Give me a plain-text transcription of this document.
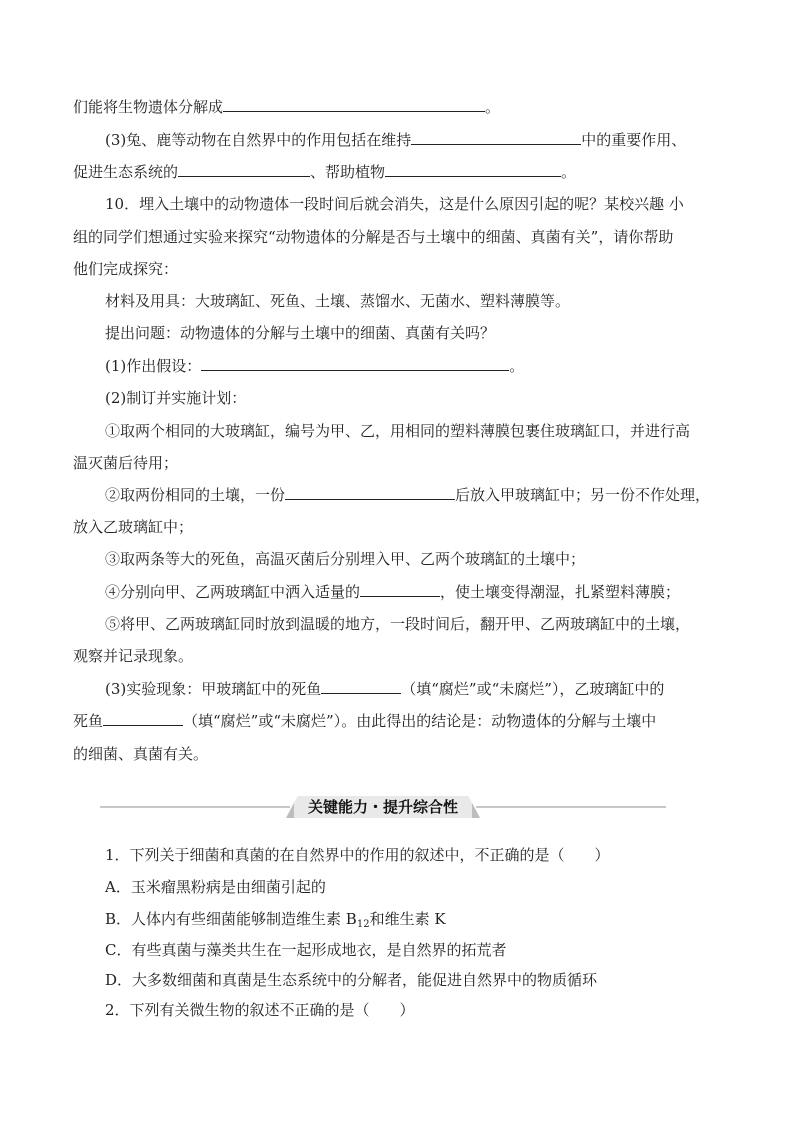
们能将生物遗体分解成	。
(3)兔、鹿等动物在自然界中的作用包括在维持	中的重要作用、
促进生态系统的	、帮助植物	。
10．埋入土壤中的动物遗体一段时间后就会消失，这是什么原因引起的呢？某校兴趣 小
组的同学们想通过实验来探究“动物遗体的分解是否与土壤中的细菌、真菌有关”，请你帮助
他们完成探究：
材料及用具：大玻璃缸、死鱼、土壤、蒸馏水、无菌水、塑料薄膜等。
提出问题：动物遗体的分解与土壤中的细菌、真菌有关吗？
(1)作出假设：	。
(2)制订并实施计划：
①取两个相同的大玻璃缸，编号为甲、乙，用相同的塑料薄膜包裹住玻璃缸口，并进行高
温灭菌后待用；
②取两份相同的土壤，一份	后放入甲玻璃缸中；另一份不作处理，
放入乙玻璃缸中；
③取两条等大的死鱼，高温灭菌后分别埋入甲、乙两个玻璃缸的土壤中；
④分别向甲、乙两玻璃缸中洒入适量的	，使土壤变得潮湿，扎紧塑料薄膜；
⑤将甲、乙两玻璃缸同时放到温暖的地方，一段时间后，翻开甲、乙两玻璃缸中的土壤，
观察并记录现象。
(3)实验现象：甲玻璃缸中的死鱼	（填“腐烂”或“未腐烂”），乙玻璃缸中的
死鱼	（填“腐烂”或“未腐烂”）。由此得出的结论是：动物遗体的分解与土壤中
的细菌、真菌有关。
关键能力・提升综合性
1．下列关于细菌和真菌的在自然界中的作用的叙述中，不正确的是（　　）
A．玉米瘤黑粉病是由细菌引起的
B．人体内有些细菌能够制造维生素 $B_{12}$和维生素 K
C．有些真菌与藻类共生在一起形成地衣，是自然界的拓荒者
D．大多数细菌和真菌是生态系统中的分解者，能促进自然界中的物质循环
2．下列有关微生物的叙述不正确的是（　　）
